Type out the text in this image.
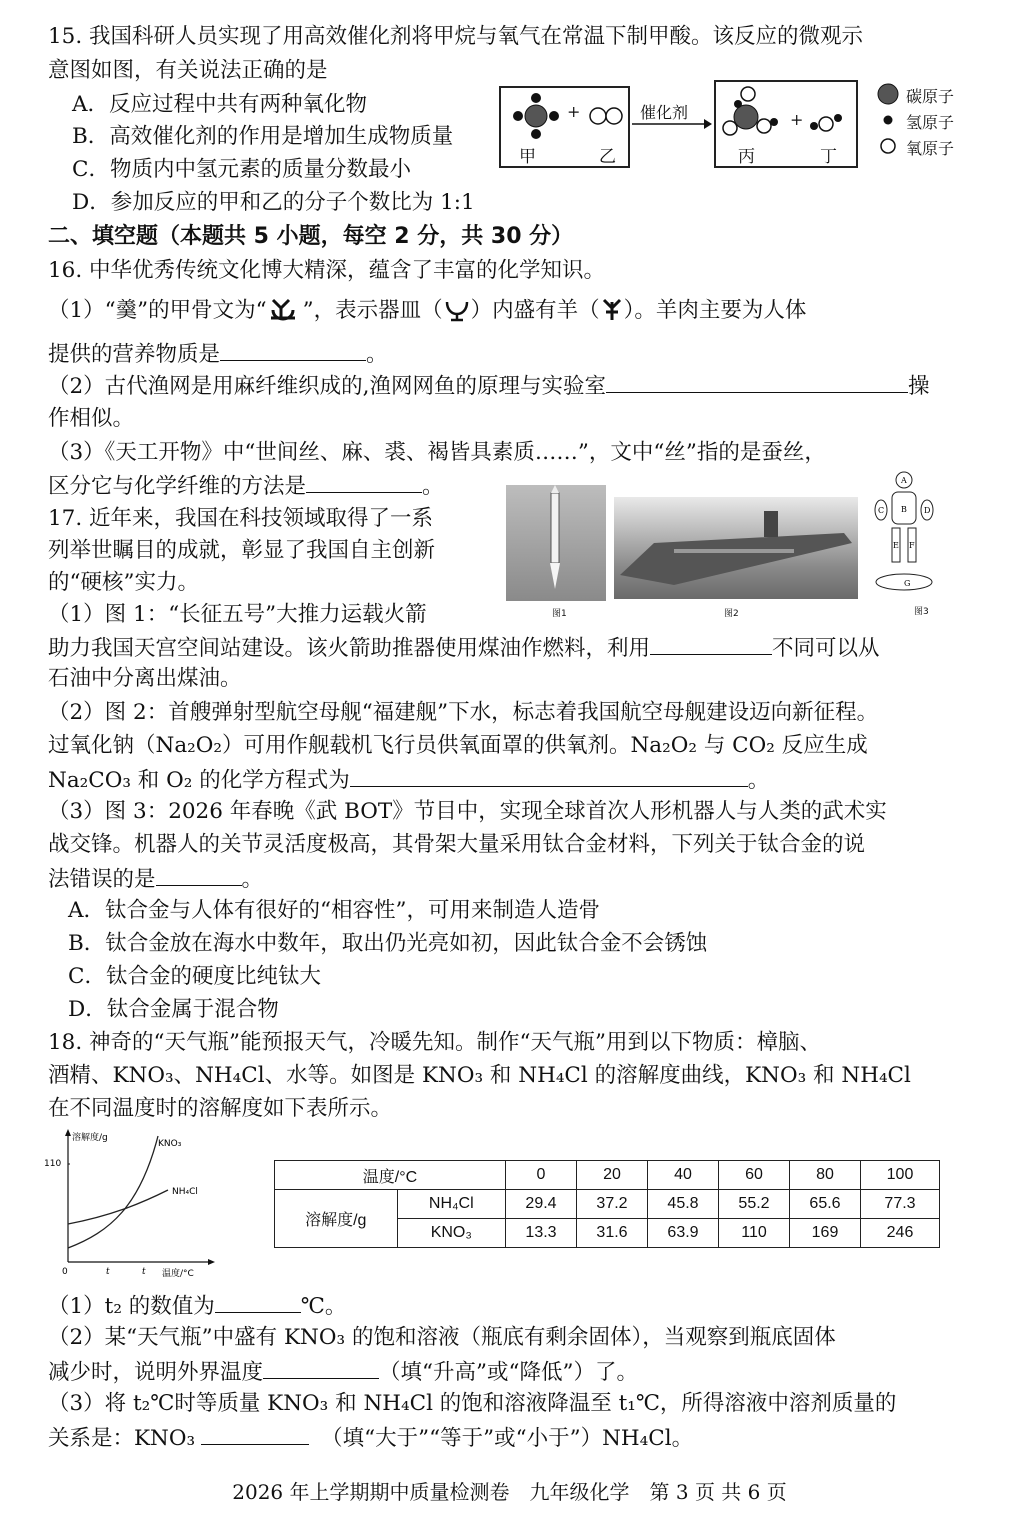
15. 我国科研人员实现了用高效催化剂将甲烷与氧气在常温下制甲酸。该反应的微观示
意图如图，有关说法正确的是
A．反应过程中共有两种氧化物
B．高效催化剂的作用是增加生成物质量
C．物质内中氢元素的质量分数最小
D．参加反应的甲和乙的分子个数比为 1:1
+
甲	乙
催化剂	+
丙	丁
碳原子
氢原子
氧原子
二、填空题（本题共 5 小题，每空 2 分，共 30 分）
16. 中华优秀传统文化博大精深，蕴含了丰富的化学知识。
（1）“羹”的甲骨文为“ ”，表示器皿（ ）内盛有羊（ ）。羊肉主要为人体
提供的营养物质是	。
（2）古代渔网是用麻纤维织成的,渔网网鱼的原理与实验室	操
作相似。
（3）《天工开物》中“世间丝、麻、裘、褐皆具素质……”，文中“丝”指的是蚕丝，
区分它与化学纤维的方法是	。
17. 近年来，我国在科技领域取得了一系
列举世瞩目的成就，彰显了我国自主创新
的“硬核”实力。
（1）图 1：“长征五号”大推力运载火箭
A
B
C	D
E F
G
图1	图2	图3
助力我国天宫空间站建设。该火箭助推器使用煤油作燃料，利用	不同可以从
石油中分离出煤油。
（2）图 2：首艘弹射型航空母舰“福建舰”下水，标志着我国航空母舰建设迈向新征程。
过氧化钠（Na₂O₂）可用作舰载机飞行员供氧面罩的供氧剂。Na₂O₂ 与 CO₂ 反应生成
Na₂CO₃ 和 O₂ 的化学方程式为	。
（3）图 3：2026 年春晚《武 BOT》节目中，实现全球首次人形机器人与人类的武术实
战交锋。机器人的关节灵活度极高，其骨架大量采用钛合金材料，下列关于钛合金的说
法错误的是	。
A．钛合金与人体有很好的“相容性”，可用来制造人造骨
B．钛合金放在海水中数年，取出仍光亮如初，因此钛合金不会锈蚀
C．钛合金的硬度比纯钛大
D．钛合金属于混合物
18. 神奇的“天气瓶”能预报天气，冷暖先知。制作“天气瓶”用到以下物质：樟脑、
酒精、KNO₃、NH₄Cl、水等。如图是 KNO₃ 和 NH₄Cl 的溶解度曲线，KNO₃ 和 NH₄Cl
在不同温度时的溶解度如下表所示。
溶解度/g
110
0	t	t 温度/°C
KNO₃
NH₄Cl
温度/°C		0	20	40	60	80	100
溶解度/g	NH₄Cl	29.4	37.2	45.8	55.2	65.6	77.3
	KNO₃	13.3	31.6	63.9	110	169	246
（1）t₂ 的数值为	℃。
（2）某“天气瓶”中盛有 KNO₃ 的饱和溶液（瓶底有剩余固体），当观察到瓶底固体
减少时，说明外界温度	（填“升高”或“降低”）了。
（3）将 t₂℃时等质量 KNO₃ 和 NH₄Cl 的饱和溶液降温至 t₁℃，所得溶液中溶剂质量的
关系是：KNO₃	（填“大于”“等于”或“小于”）NH₄Cl。
2026 年上学期期中质量检测卷　九年级化学　第 3 页 共 6 页
